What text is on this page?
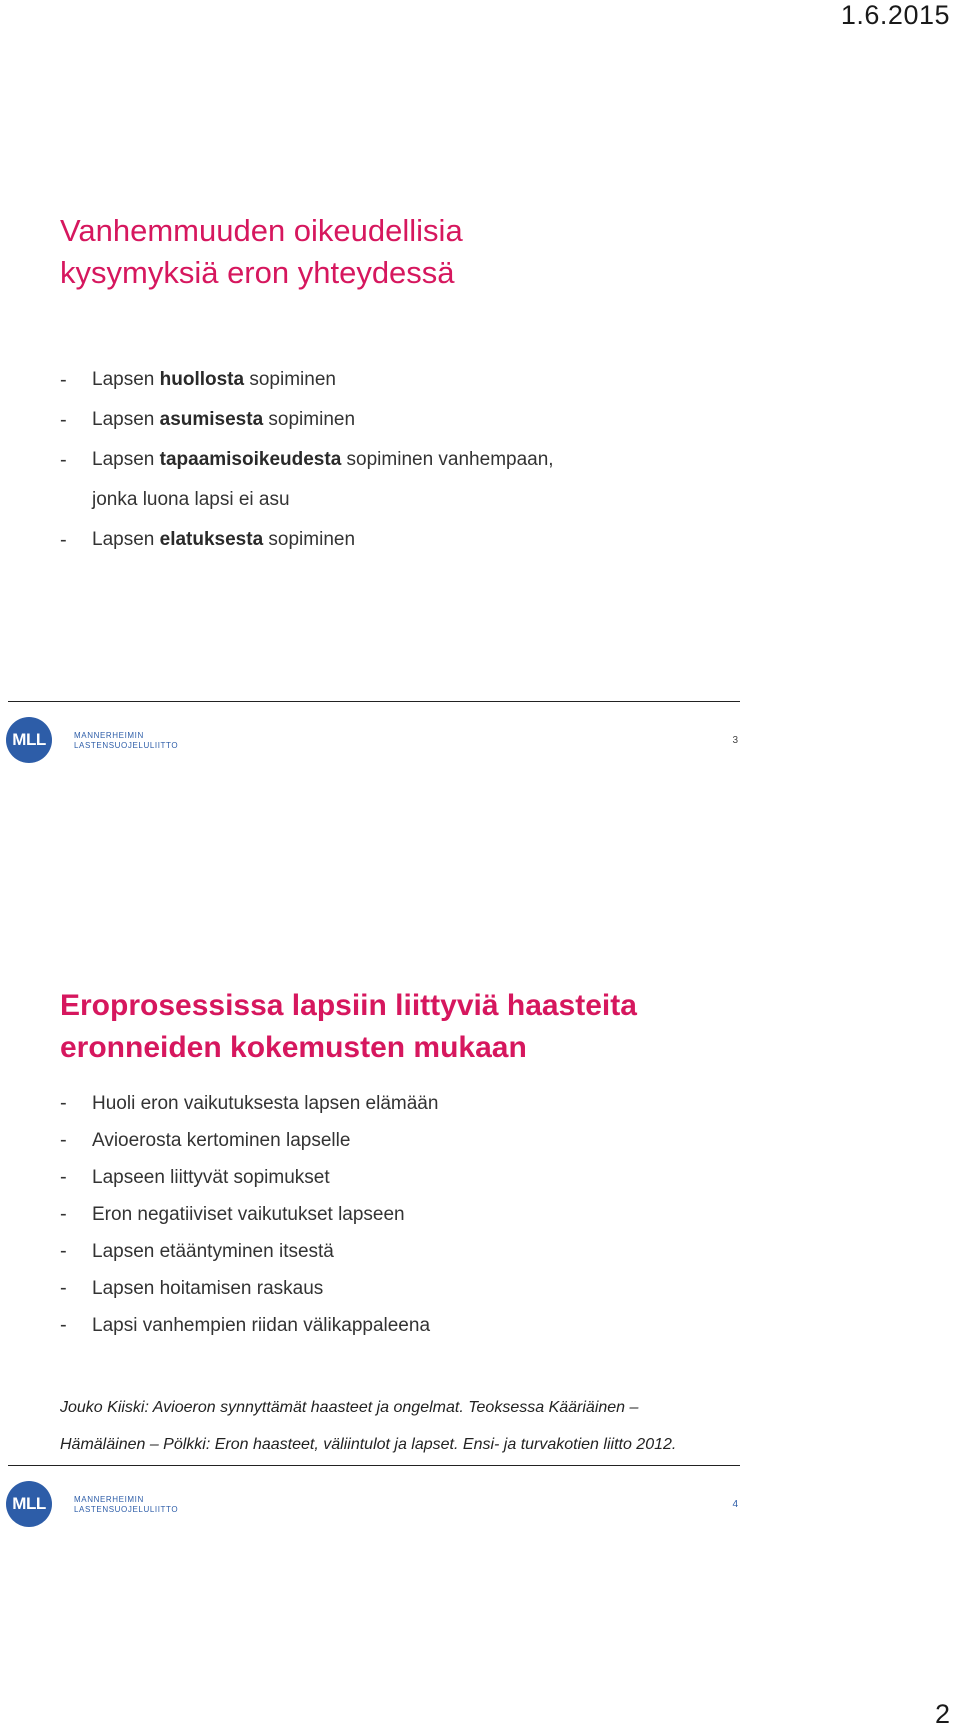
1.6.2015
Vanhemmuuden oikeudellisia
kysymyksiä eron yhteydessä
- Lapsen huollosta sopiminen
- Lapsen asumisesta sopiminen
- Lapsen tapaamisoikeudesta sopiminen vanhempaan,
jonka luona lapsi ei asu
- Lapsen elatuksesta sopiminen
MLL	MANNERHEIMIN
LASTENSUOJELULIITTO	3
Eroprosessissa lapsiin liittyviä haasteita
eronneiden kokemusten mukaan
- Huoli eron vaikutuksesta lapsen elämään
- Avioerosta kertominen lapselle
- Lapseen liittyvät sopimukset
- Eron negatiiviset vaikutukset lapseen
- Lapsen etääntyminen itsestä
- Lapsen hoitamisen raskaus
- Lapsi vanhempien riidan välikappaleena

Jouko Kiiski: Avioeron synnyttämät haasteet ja ongelmat. Teoksessa Kääriäinen –
Hämäläinen – Pölkki: Eron haasteet, väliintulot ja lapset. Ensi- ja turvakotien liitto 2012.

MLL	MANNERHEIMIN
LASTENSUOJELULIITTO	4
2
